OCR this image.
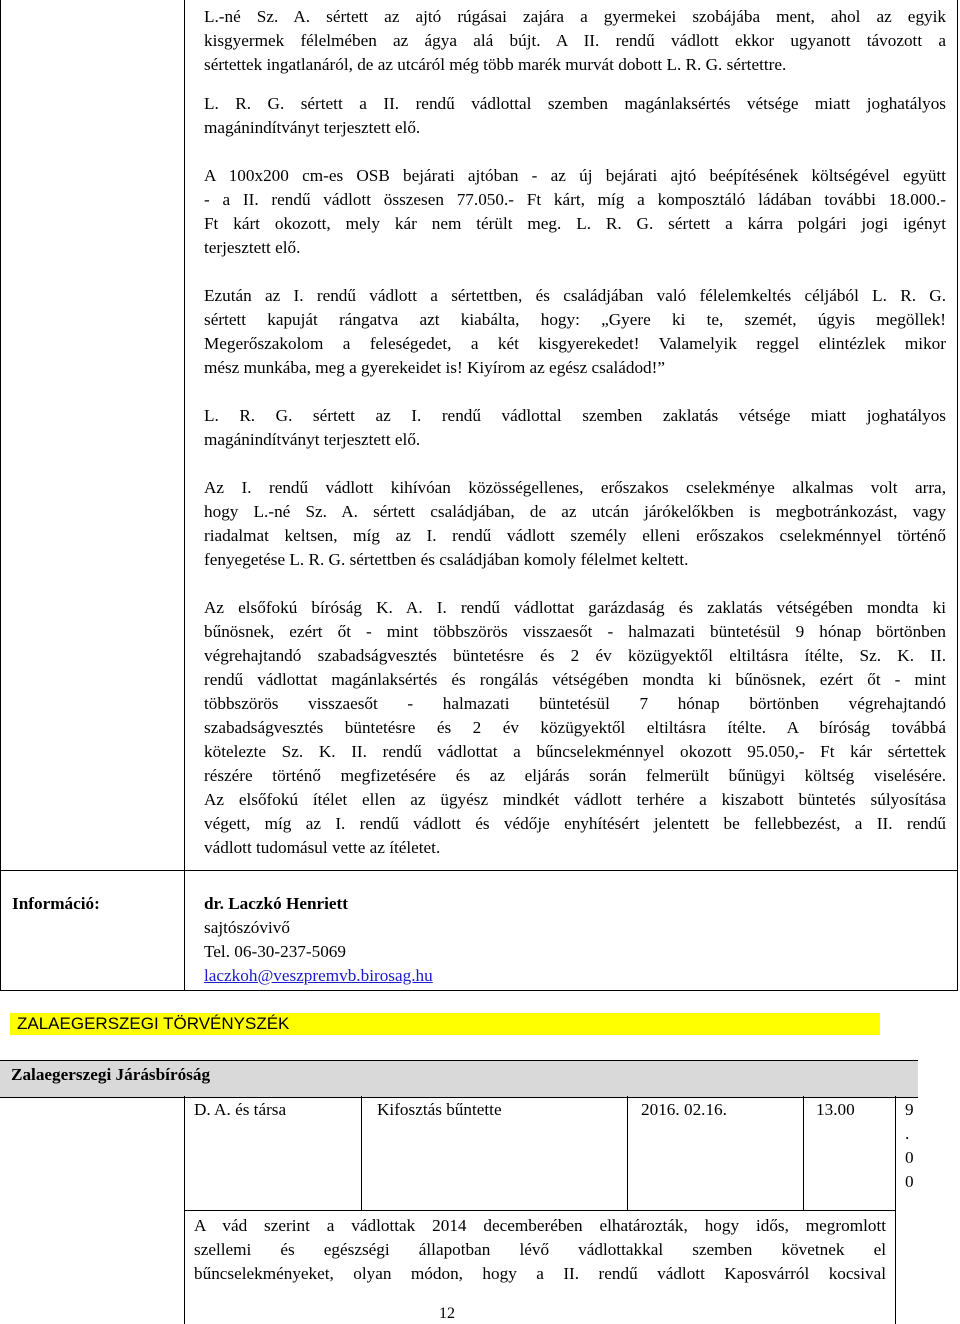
L.-né Sz. A. sértett az ajtó rúgásai zajára a gyermekei szobájába ment, ahol az egyik
kisgyermek félelmében az ágya alá bújt. A II. rendű vádlott ekkor ugyanott távozott a
sértettek ingatlanáról, de az utcáról még több marék murvát dobott L. R. G. sértettre.
L. R. G. sértett a II. rendű vádlottal szemben magánlaksértés vétsége miatt joghatályos
magánindítványt terjesztett elő.
A 100x200 cm-es OSB bejárati ajtóban - az új bejárati ajtó beépítésének költségével együtt
- a II. rendű vádlott összesen 77.050.- Ft kárt, míg a komposztáló ládában további 18.000.-
Ft kárt okozott, mely kár nem térült meg. L. R. G. sértett a kárra polgári jogi igényt
terjesztett elő.
Ezután az I. rendű vádlott a sértettben, és családjában való félelemkeltés céljából L. R. G.
sértett kapuját rángatva azt kiabálta, hogy: „Gyere ki te, szemét, úgyis megöllek!
Megerőszakolom a feleségedet, a két kisgyerekedet! Valamelyik reggel elintézlek mikor
mész munkába, meg a gyerekeidet is! Kiyírom az egész családod!”
L. R. G. sértett az I. rendű vádlottal szemben zaklatás vétsége miatt joghatályos
magánindítványt terjesztett elő.
Az I. rendű vádlott kihívóan közösségellenes, erőszakos cselekménye alkalmas volt arra,
hogy L.-né Sz. A. sértett családjában, de az utcán járókelőkben is megbotránkozást, vagy
riadalmat keltsen, míg az I. rendű vádlott személy elleni erőszakos cselekménnyel történő
fenyegetése L. R. G. sértettben és családjában komoly félelmet keltett.
Az elsőfokú bíróság K. A. I. rendű vádlottat garázdaság és zaklatás vétségében mondta ki
bűnösnek, ezért őt - mint többszörös visszaesőt - halmazati büntetésül 9 hónap börtönben
végrehajtandó szabadságvesztés büntetésre és 2 év közügyektől eltiltásra ítélte, Sz. K. II.
rendű vádlottat magánlaksértés és rongálás vétségében mondta ki bűnösnek, ezért őt - mint
többszörös visszaesőt - halmazati büntetésül 7 hónap börtönben végrehajtandó
szabadságvesztés büntetésre és 2 év közügyektől eltiltásra ítélte. A bíróság továbbá
kötelezte Sz. K. II. rendű vádlottat a bűncselekménnyel okozott 95.050,- Ft kár sértettek
részére történő megfizetésére és az eljárás során felmerült bűnügyi költség viselésére.
Az elsőfokú ítélet ellen az ügyész mindkét vádlott terhére a kiszabott büntetés súlyosítása
végett, míg az I. rendű vádlott és védője enyhítésért jelentett be fellebbezést, a II. rendű
vádlott tudomásul vette az ítéletet.
Információ:	dr. Laczkó Henriett
sajtószóvivő
Tel. 06-30-237-5069
laczkoh@veszpremvb.birosag.hu
ZALAEGERSZEGI TÖRVÉNYSZÉK
Zalaegerszegi Járásbíróság
D. A. és társa	Kifosztás bűntette	2016. 02.16.	13.00	9
.
0
0
A vád szerint a vádlottak 2014 decemberében elhatározták, hogy idős, megromlott
szellemi és egészségi állapotban lévő vádlottakkal szemben követnek el
bűncselekményeket, olyan módon, hogy a II. rendű vádlott Kaposvárról kocsival
12
